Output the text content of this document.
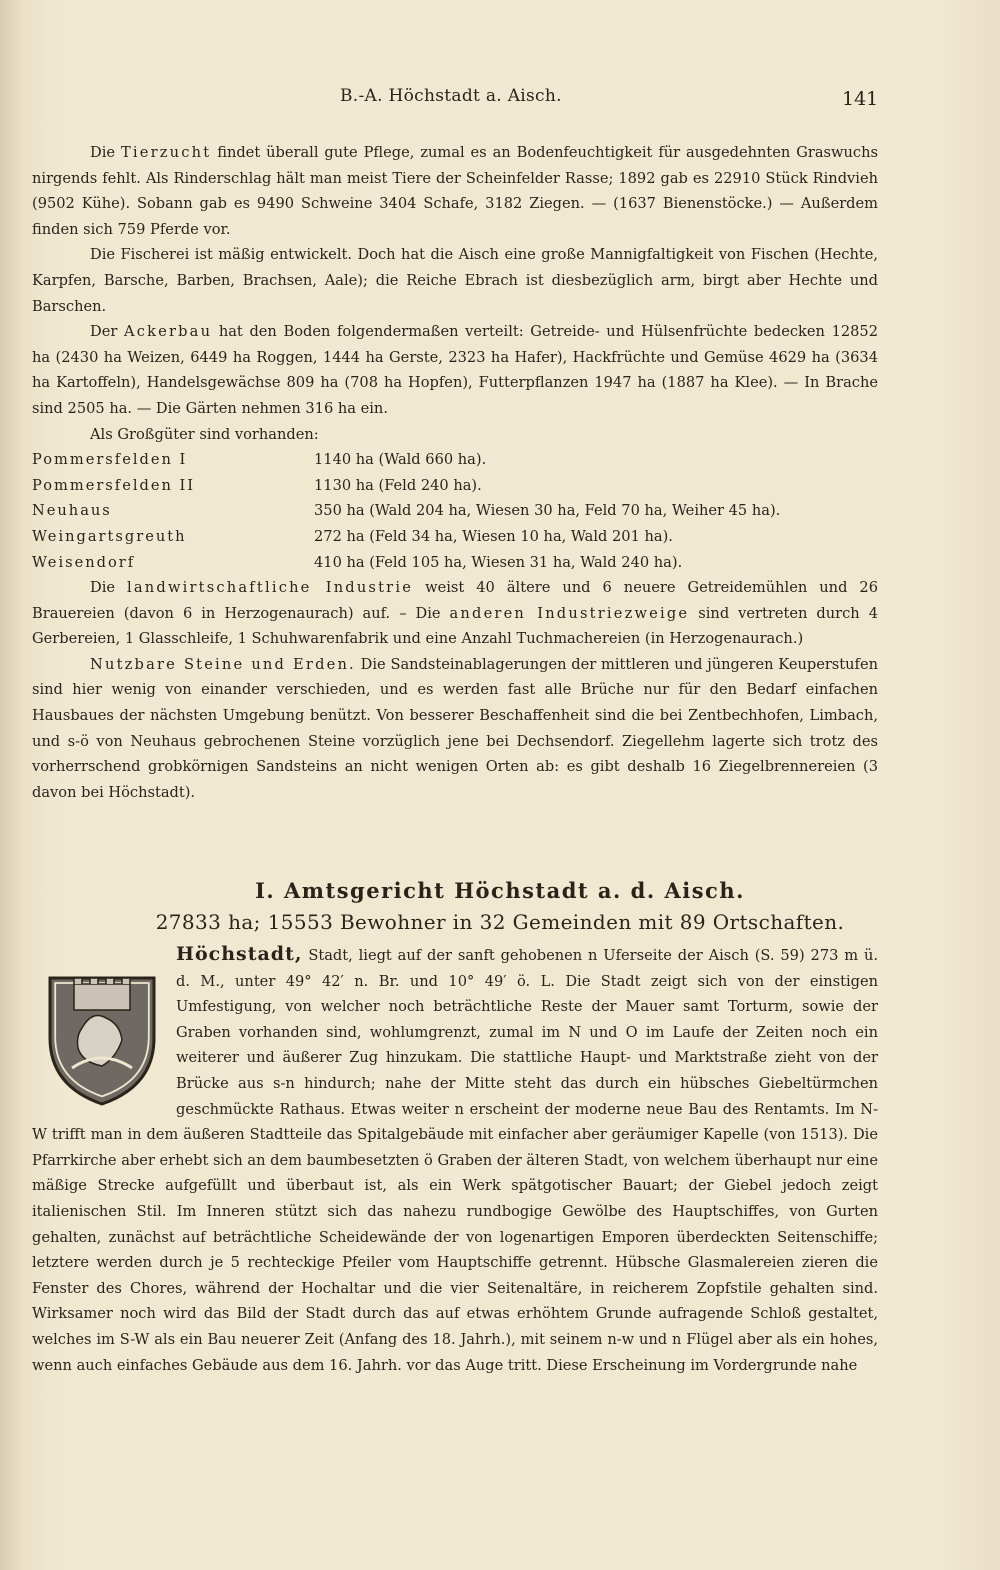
B.-A. Höchstadt a. Aisch.	141

Die Tierzucht findet überall gute Pflege, zumal es an Bodenfeuchtigkeit für ausgedehnten Graswuchs nirgends fehlt. Als Rinderschlag hält man meist Tiere der Scheinfelder Rasse; 1892 gab es 22910 Stück Rindvieh (9502 Kühe). Sobann gab es 9490 Schweine 3404 Schafe, 3182 Ziegen. — (1637 Bienenstöcke.) — Außerdem finden sich 759 Pferde vor.

Die Fischerei ist mäßig entwickelt. Doch hat die Aisch eine große Mannigfaltigkeit von Fischen (Hechte, Karpfen, Barsche, Barben, Brachsen, Aale); die Reiche Ebrach ist diesbezüglich arm, birgt aber Hechte und Barschen.

Der Ackerbau hat den Boden folgendermaßen verteilt: Getreide- und Hülsenfrüchte bedecken 12852 ha (2430 ha Weizen, 6449 ha Roggen, 1444 ha Gerste, 2323 ha Hafer), Hackfrüchte und Gemüse 4629 ha (3634 ha Kartoffeln), Handelsgewächse 809 ha (708 ha Hopfen), Futterpflanzen 1947 ha (1887 ha Klee). — In Brache sind 2505 ha. — Die Gärten nehmen 316 ha ein.

Als Großgüter sind vorhanden:

Pommersfelden I	1140 ha (Wald 660 ha).
Pommersfelden II	1130 ha (Feld 240 ha).
Neuhaus	350 ha (Wald 204 ha, Wiesen 30 ha, Feld 70 ha, Weiher 45 ha).
Weingartsgreuth	272 ha (Feld 34 ha, Wiesen 10 ha, Wald 201 ha).
Weisendorf	410 ha (Feld 105 ha, Wiesen 31 ha, Wald 240 ha).

Die landwirtschaftliche Industrie weist 40 ältere und 6 neuere Getreidemühlen und 26 Brauereien (davon 6 in Herzogenaurach) auf. – Die anderen Industriezweige sind vertreten durch 4 Gerbereien, 1 Glasschleife, 1 Schuhwarenfabrik und eine Anzahl Tuchmachereien (in Herzogenaurach.)

Nutzbare Steine und Erden. Die Sandsteinablagerungen der mittleren und jüngeren Keuperstufen sind hier wenig von einander verschieden, und es werden fast alle Brüche nur für den Bedarf einfachen Hausbaues der nächsten Umgebung benützt. Von besserer Beschaffenheit sind die bei Zentbechhofen, Limbach, und s-ö von Neuhaus gebrochenen Steine vorzüglich jene bei Dechsendorf. Ziegellehm lagerte sich trotz des vorherrschend grobkörnigen Sandsteins an nicht wenigen Orten ab: es gibt deshalb 16 Ziegelbrennereien (3 davon bei Höchstadt).

I. Amtsgericht Höchstadt a. d. Aisch.
27833 ha; 15553 Bewohner in 32 Gemeinden mit 89 Ortschaften.

Höchstadt, Stadt, liegt auf der sanft gehobenen n Uferseite der Aisch (S. 59) 273 m ü. d. M., unter 49° 42′ n. Br. und 10° 49′ ö. L. Die Stadt zeigt sich von der einstigen Umfestigung, von welcher noch beträchtliche Reste der Mauer samt Torturm, sowie der Graben vorhanden sind, wohlumgrenzt, zumal im N und O im Laufe der Zeiten noch ein weiterer und äußerer Zug hinzukam. Die stattliche Haupt- und Marktstraße zieht von der Brücke aus s-n hindurch; nahe der Mitte steht das durch ein hübsches Giebeltürmchen geschmückte Rathaus. Etwas weiter n erscheint der moderne neue Bau des Rentamts. Im N-W trifft man in dem äußeren Stadtteile das Spitalgebäude mit einfacher aber geräumiger Kapelle (von 1513). Die Pfarrkirche aber erhebt sich an dem baumbesetzten ö Graben der älteren Stadt, von welchem überhaupt nur eine mäßige Strecke aufgefüllt und überbaut ist, als ein Werk spätgotischer Bauart; der Giebel jedoch zeigt italienischen Stil. Im Inneren stützt sich das nahezu rundbogige Gewölbe des Hauptschiffes, von Gurten gehalten, zunächst auf beträchtliche Scheidewände der von logenartigen Emporen überdeckten Seitenschiffe; letztere werden durch je 5 rechteckige Pfeiler vom Hauptschiffe getrennt. Hübsche Glasmalereien zieren die Fenster des Chores, während der Hochaltar und die vier Seitenaltäre, in reicherem Zopfstile gehalten sind. Wirksamer noch wird das Bild der Stadt durch das auf etwas erhöhtem Grunde aufragende Schloß gestaltet, welches im S-W als ein Bau neuerer Zeit (Anfang des 18. Jahrh.), mit seinem n-w und n Flügel aber als ein hohes, wenn auch einfaches Gebäude aus dem 16. Jahrh. vor das Auge tritt. Diese Erscheinung im Vordergrunde nahe
